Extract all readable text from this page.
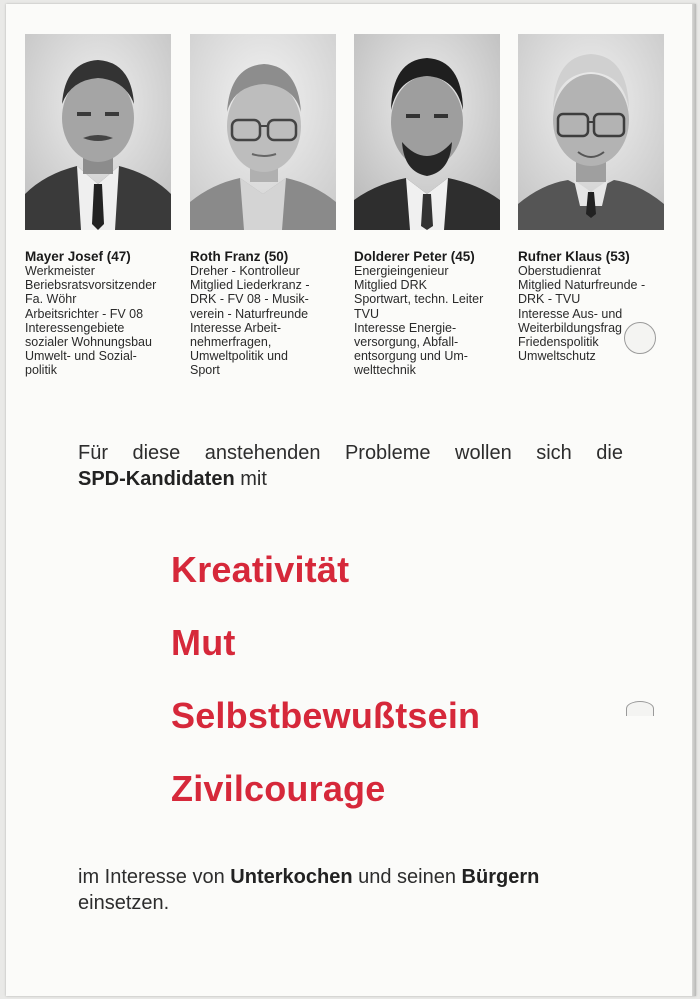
Mayer Josef (47)
Werkmeister
Beriebsratsvorsitzender
Fa. Wöhr
Arbeitsrichter - FV 08
Interessengebiete
sozialer Wohnungsbau
Umwelt- und Sozial-
politik
Roth Franz (50)
Dreher - Kontrolleur
Mitglied Liederkranz -
DRK - FV 08 - Musik-
verein - Naturfreunde
Interesse Arbeit-
nehmerfragen,
Umweltpolitik und
Sport
Dolderer Peter (45)
Energieingenieur
Mitglied DRK
Sportwart, techn. Leiter
TVU
Interesse Energie-
versorgung, Abfall-
entsorgung und Um-
welttechnik
Rufner Klaus (53)
Oberstudienrat
Mitglied Naturfreunde -
DRK - TVU
Interesse Aus- und
Weiterbildungsfrag
Friedenspolitik
Umweltschutz
Für diese anstehenden Probleme wollen sich die
SPD-Kandidaten mit
Kreativität
Mut
Selbstbewußtsein
Zivilcourage
im Interesse von Unterkochen und seinen Bürgern
einsetzen.
